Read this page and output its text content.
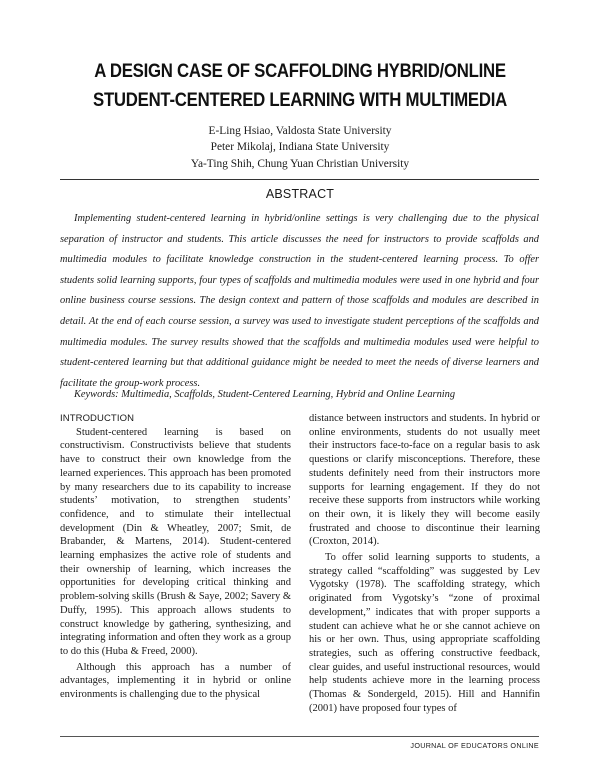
A DESIGN CASE OF SCAFFOLDING HYBRID/ONLINE
STUDENT-CENTERED LEARNING WITH MULTIMEDIA
E-Ling Hsiao, Valdosta State University
Peter Mikolaj, Indiana State University
Ya-Ting Shih, Chung Yuan Christian University
ABSTRACT

Implementing student-centered learning in hybrid/online settings is very challenging due to the physical separation of instructor and students. This article discusses the need for instructors to provide scaffolds and multimedia modules to facilitate knowledge construction in the student-centered learning process. To offer students solid learning supports, four types of scaffolds and multimedia modules were used in one hybrid and four online business course sessions. The design context and pattern of those scaffolds and modules are described in detail. At the end of each course session, a survey was used to investigate student perceptions of the scaffolds and multimedia modules. The survey results showed that the scaffolds and multimedia modules used were helpful to student-centered learning but that additional guidance might be needed to meet the needs of diverse learners and facilitate the group-work process.

Keywords: Multimedia, Scaffolds, Student-Centered Learning, Hybrid and Online Learning

INTRODUCTION

Student-centered learning is based on constructivism. Constructivists believe that students have to construct their own knowledge from the learned experiences. This approach has been promoted by many researchers due to its capability to increase students’ motivation, to strengthen students’ confidence, and to stimulate their intellectual development (Din & Wheatley, 2007; Smit, de Brabander, & Martens, 2014). Student-centered learning emphasizes the active role of students and their ownership of learning, which increases the opportunities for developing critical thinking and problem-solving skills (Brush & Saye, 2002; Savery & Duffy, 1995). This approach allows students to construct knowledge by gathering, synthesizing, and integrating information and often they work as a group to do this (Huba & Freed, 2000).

Although this approach has a number of advantages, implementing it in hybrid or online environments is challenging due to the physical

distance between instructors and students. In hybrid or online environments, students do not usually meet their instructors face-to-face on a regular basis to ask questions or clarify misconceptions. Therefore, these students definitely need from their instructors more supports for learning engagement. If they do not receive these supports from instructors while working on their own, it is likely they will become easily frustrated and choose to discontinue their learning (Croxton, 2014).

To offer solid learning supports to students, a strategy called “scaffolding” was suggested by Lev Vygotsky (1978). The scaffolding strategy, which originated from Vygotsky’s “zone of proximal development,” indicates that with proper supports a student can achieve what he or she cannot achieve on his or her own. Thus, using appropriate scaffolding strategies, such as offering constructive feedback, clear guides, and useful instructional resources, would help students achieve more in the learning process (Thomas & Sondergeld, 2015). Hill and Hannifin (2001) have proposed four types of

JOURNAL OF EDUCATORS ONLINE
